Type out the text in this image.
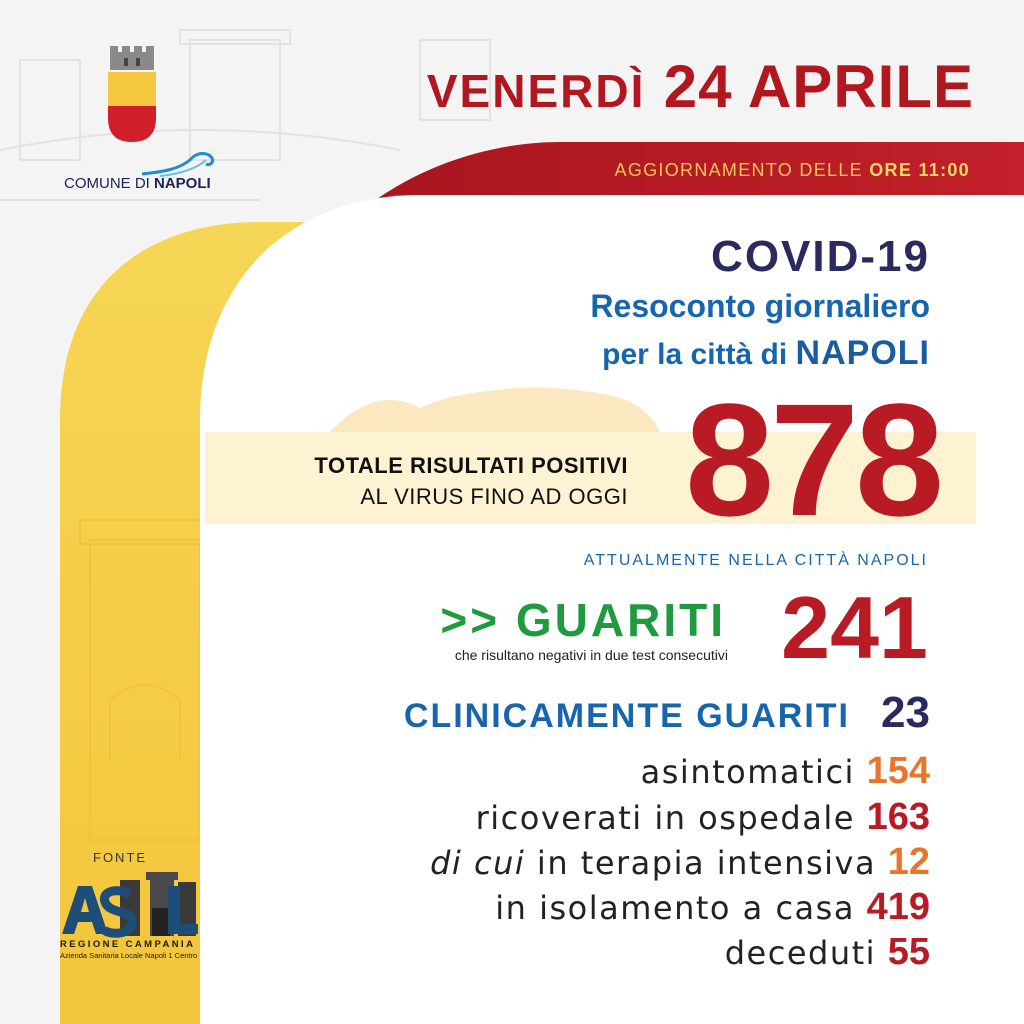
COMUNE DI NAPOLI
VENERDÌ 24 APRILE
AGGIORNAMENTO DELLE ORE 11:00
COVID-19
Resoconto giornaliero
per la città di NAPOLI
TOTALE RISULTATI POSITIVI
AL VIRUS FINO AD OGGI 878
ATTUALMENTE NELLA CITTÀ NAPOLI
>> GUARITI
che risultano negativi in due test consecutivi 241
CLINICAMENTE GUARITI 23
asintomatici 154
ricoverati in ospedale 163
di cui in terapia intensiva 12
in isolamento a casa 419
deceduti 55
FONTE
REGIONE CAMPANIA
Azienda Sanitaria Locale Napoli 1 Centro
